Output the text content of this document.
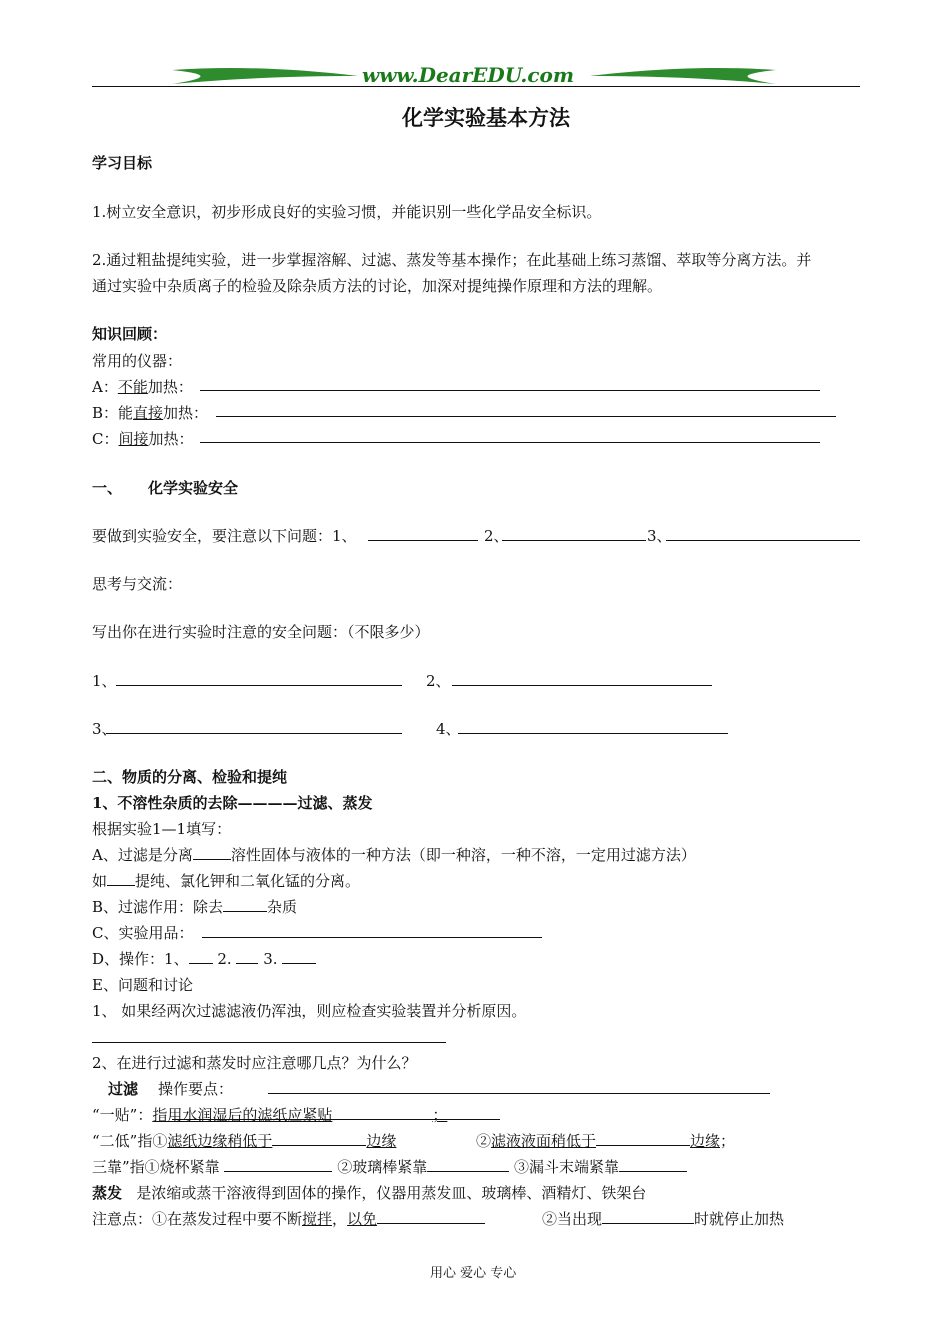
www.DearEDU.com
化学实验基本方法
学习目标
1.树立安全意识，初步形成良好的实验习惯，并能识别一些化学品安全标识。
2.通过粗盐提纯实验，进一步掌握溶解、过滤、蒸发等基本操作；在此基础上练习蒸馏、萃取等分离方法。并
通过实验中杂质离子的检验及除杂质方法的讨论，加深对提纯操作原理和方法的理解。
知识回顾：
常用的仪器：
A：不能加热：
B：能直接加热：
C：间接加热：
一、 化学实验安全
要做到实验安全，要注意以下问题：1、	2、	3、
思考与交流：
写出你在进行实验时注意的安全问题：（不限多少）
1、	2、
3、	4、
二、物质的分离、检验和提纯
1、不溶性杂质的去除————过滤、蒸发
根据实验1—1填写：
A、过滤是分离	溶性固体与液体的一种方法（即一种溶，一种不溶，一定用过滤方法）
如 提纯、氯化钾和二氧化锰的分离。
B、过滤作用：除去	杂质
C、实验用品：
D、操作：1、 2. 3.
E、问题和讨论
1、 如果经两次过滤滤液仍浑浊，则应检查实验装置并分析原因。
2、在进行过滤和蒸发时应注意哪几点？为什么？
过滤 操作要点：
“一贴”：指用水润湿后的滤纸应紧贴	；
“二低”指①滤纸边缘稍低于	边缘	②滤液液面稍低于	边缘；
三靠”指①烧杯紧靠	②玻璃棒紧靠	③漏斗末端紧靠
蒸发 是浓缩或蒸干溶液得到固体的操作，仪器用蒸发皿、玻璃棒、酒精灯、铁架台
注意点：①在蒸发过程中要不断搅拌，以免	②当出现	时就停止加热
用心 爱心 专心
